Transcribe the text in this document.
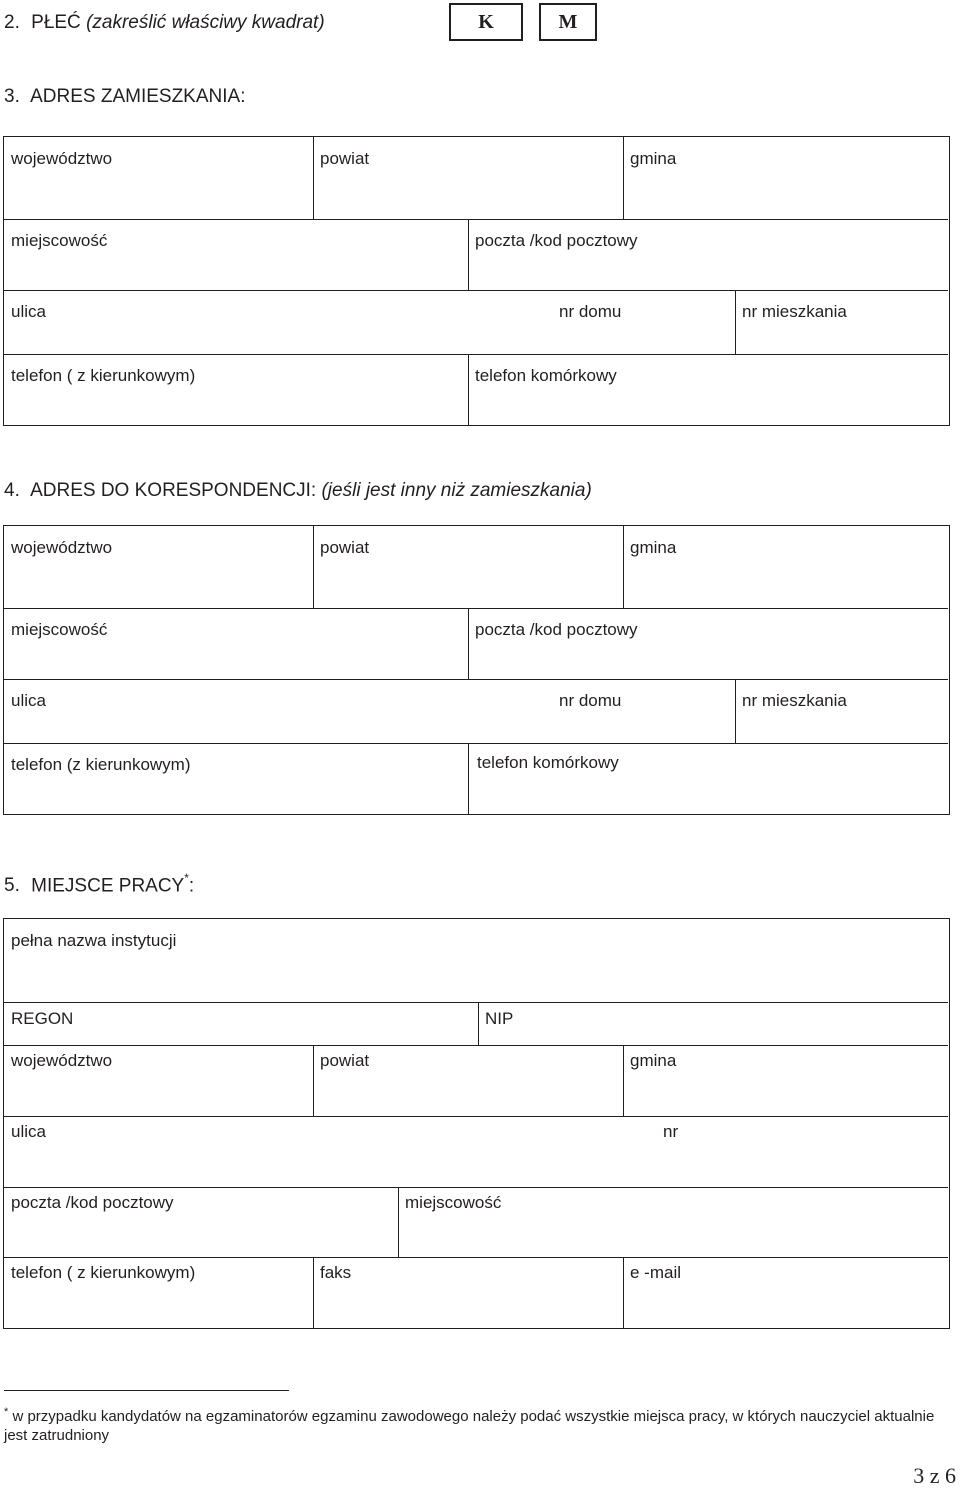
2. PŁEĆ (zakreślić właściwy kwadrat)	K	M
3. ADRES ZAMIESZKANIA:
województwo	powiat	gmina
miejscowość	poczta /kod pocztowy
ulica	nr domu	nr mieszkania
telefon ( z kierunkowym)	telefon komórkowy
4. ADRES DO KORESPONDENCJI: (jeśli jest inny niż zamieszkania)
województwo	powiat	gmina
miejscowość	poczta /kod pocztowy
ulica	nr domu	nr mieszkania
telefon (z kierunkowym)	telefon komórkowy
5. MIEJSCE PRACY*:
pełna nazwa instytucji
REGON	NIP
województwo	powiat	gmina
ulica	nr
poczta /kod pocztowy	miejscowość
telefon ( z kierunkowym)	faks	e -mail
* w przypadku kandydatów na egzaminatorów egzaminu zawodowego należy podać wszystkie miejsca pracy, w których nauczyciel aktualnie jest zatrudniony
3 z 6
